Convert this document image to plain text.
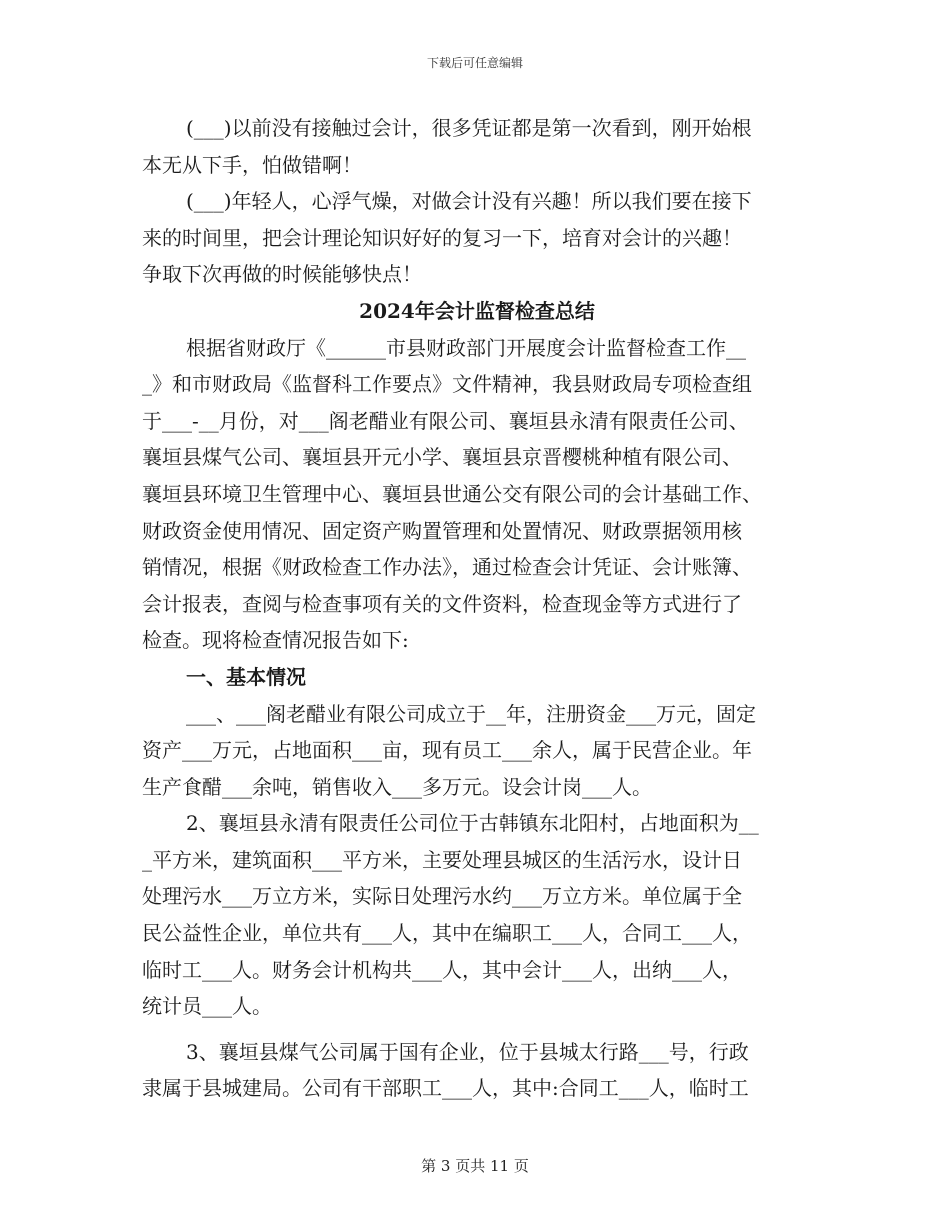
下载后可任意编辑
(___)以前没有接触过会计，很多凭证都是第一次看到，刚开始根
本无从下手，怕做错啊！
(___)年轻人，心浮气燥，对做会计没有兴趣！所以我们要在接下
来的时间里，把会计理论知识好好的复习一下，培育对会计的兴趣！
争取下次再做的时候能够快点！
2024年会计监督检查总结
根据省财政厅《______市县财政部门开展度会计监督检查工作__
_》和市财政局《监督科工作要点》文件精神，我县财政局专项检查组
于___-__月份，对___阁老醋业有限公司、襄垣县永清有限责任公司、
襄垣县煤气公司、襄垣县开元小学、襄垣县京晋樱桃种植有限公司、
襄垣县环境卫生管理中心、襄垣县世通公交有限公司的会计基础工作、
财政资金使用情况、固定资产购置管理和处置情况、财政票据领用核
销情况，根据《财政检查工作办法》，通过检查会计凭证、会计账簿、
会计报表，查阅与检查事项有关的文件资料，检查现金等方式进行了
检查。现将检查情况报告如下:
一、基本情况
___、___阁老醋业有限公司成立于__年，注册资金___万元，固定
资产___万元，占地面积___亩，现有员工___余人，属于民营企业。年
生产食醋___余吨，销售收入___多万元。设会计岗___人。
2、襄垣县永清有限责任公司位于古韩镇东北阳村，占地面积为__
_平方米，建筑面积___平方米，主要处理县城区的生活污水，设计日
处理污水___万立方米，实际日处理污水约___万立方米。单位属于全
民公益性企业，单位共有___人，其中在编职工___人，合同工___人，
临时工___人。财务会计机构共___人，其中会计___人，出纳___人，
统计员___人。
3、襄垣县煤气公司属于国有企业，位于县城太行路___号，行政
隶属于县城建局。公司有干部职工___人，其中:合同工___人，临时工
第 3 页共 11 页
